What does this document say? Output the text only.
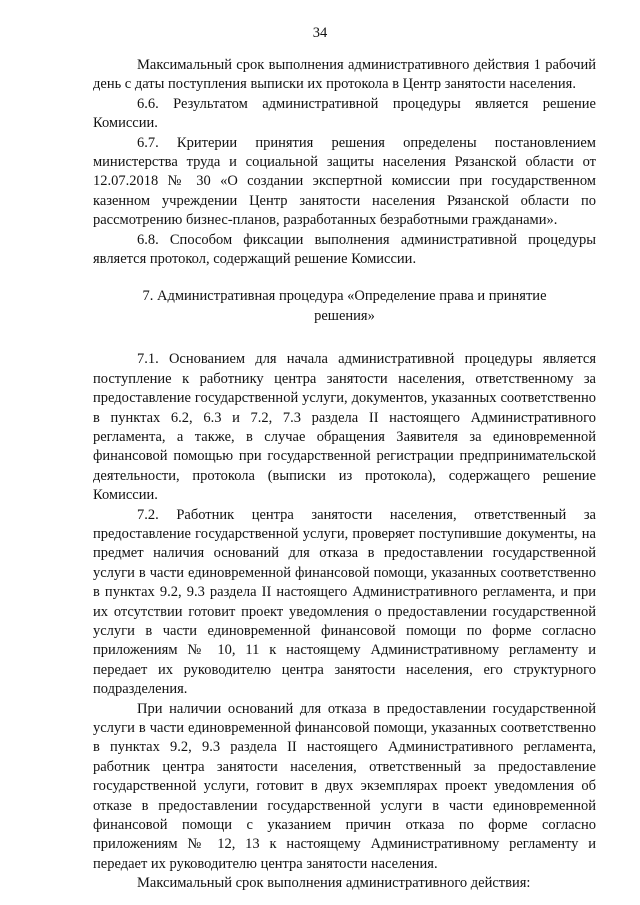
34

Максимальный срок выполнения административного действия 1 рабочий день с даты поступления выписки их протокола в Центр занятости населения.

6.6. Результатом административной процедуры является решение Комиссии.

6.7. Критерии принятия решения определены постановлением министерства труда и социальной защиты населения Рязанской области от 12.07.2018 № 30 «О создании экспертной комиссии при государственном казенном учреждении Центр занятости населения Рязанской области по рассмотрению бизнес-планов, разработанных безработными гражданами».

6.8. Способом фиксации выполнения административной процедуры является протокол, содержащий решение Комиссии.

7. Административная процедура «Определение права и принятие решения»

7.1. Основанием для начала административной процедуры является поступление к работнику центра занятости населения, ответственному за предоставление государственной услуги, документов, указанных соответственно в пунктах 6.2, 6.3 и 7.2, 7.3 раздела II настоящего Административного регламента, а также, в случае обращения Заявителя за единовременной финансовой помощью при государственной регистрации предпринимательской деятельности, протокола (выписки из протокола), содержащего решение Комиссии.

7.2. Работник центра занятости населения, ответственный за предоставление государственной услуги, проверяет поступившие документы, на предмет наличия оснований для отказа в предоставлении государственной услуги в части единовременной финансовой помощи, указанных соответственно в пунктах 9.2, 9.3 раздела II настоящего Административного регламента, и при их отсутствии готовит проект уведомления о предоставлении государственной услуги в части единовременной финансовой помощи по форме согласно приложениям № 10, 11 к настоящему Административному регламенту и передает их руководителю центра занятости населения, его структурного подразделения.

При наличии оснований для отказа в предоставлении государственной услуги в части единовременной финансовой помощи, указанных соответственно в пунктах 9.2, 9.3 раздела II настоящего Административного регламента, работник центра занятости населения, ответственный за предоставление государственной услуги, готовит в двух экземплярах проект уведомления об отказе в предоставлении государственной услуги в части единовременной финансовой помощи с указанием причин отказа по форме согласно приложениям № 12, 13 к настоящему Административному регламенту и передает их руководителю центра занятости населения.

Максимальный срок выполнения административного действия:
